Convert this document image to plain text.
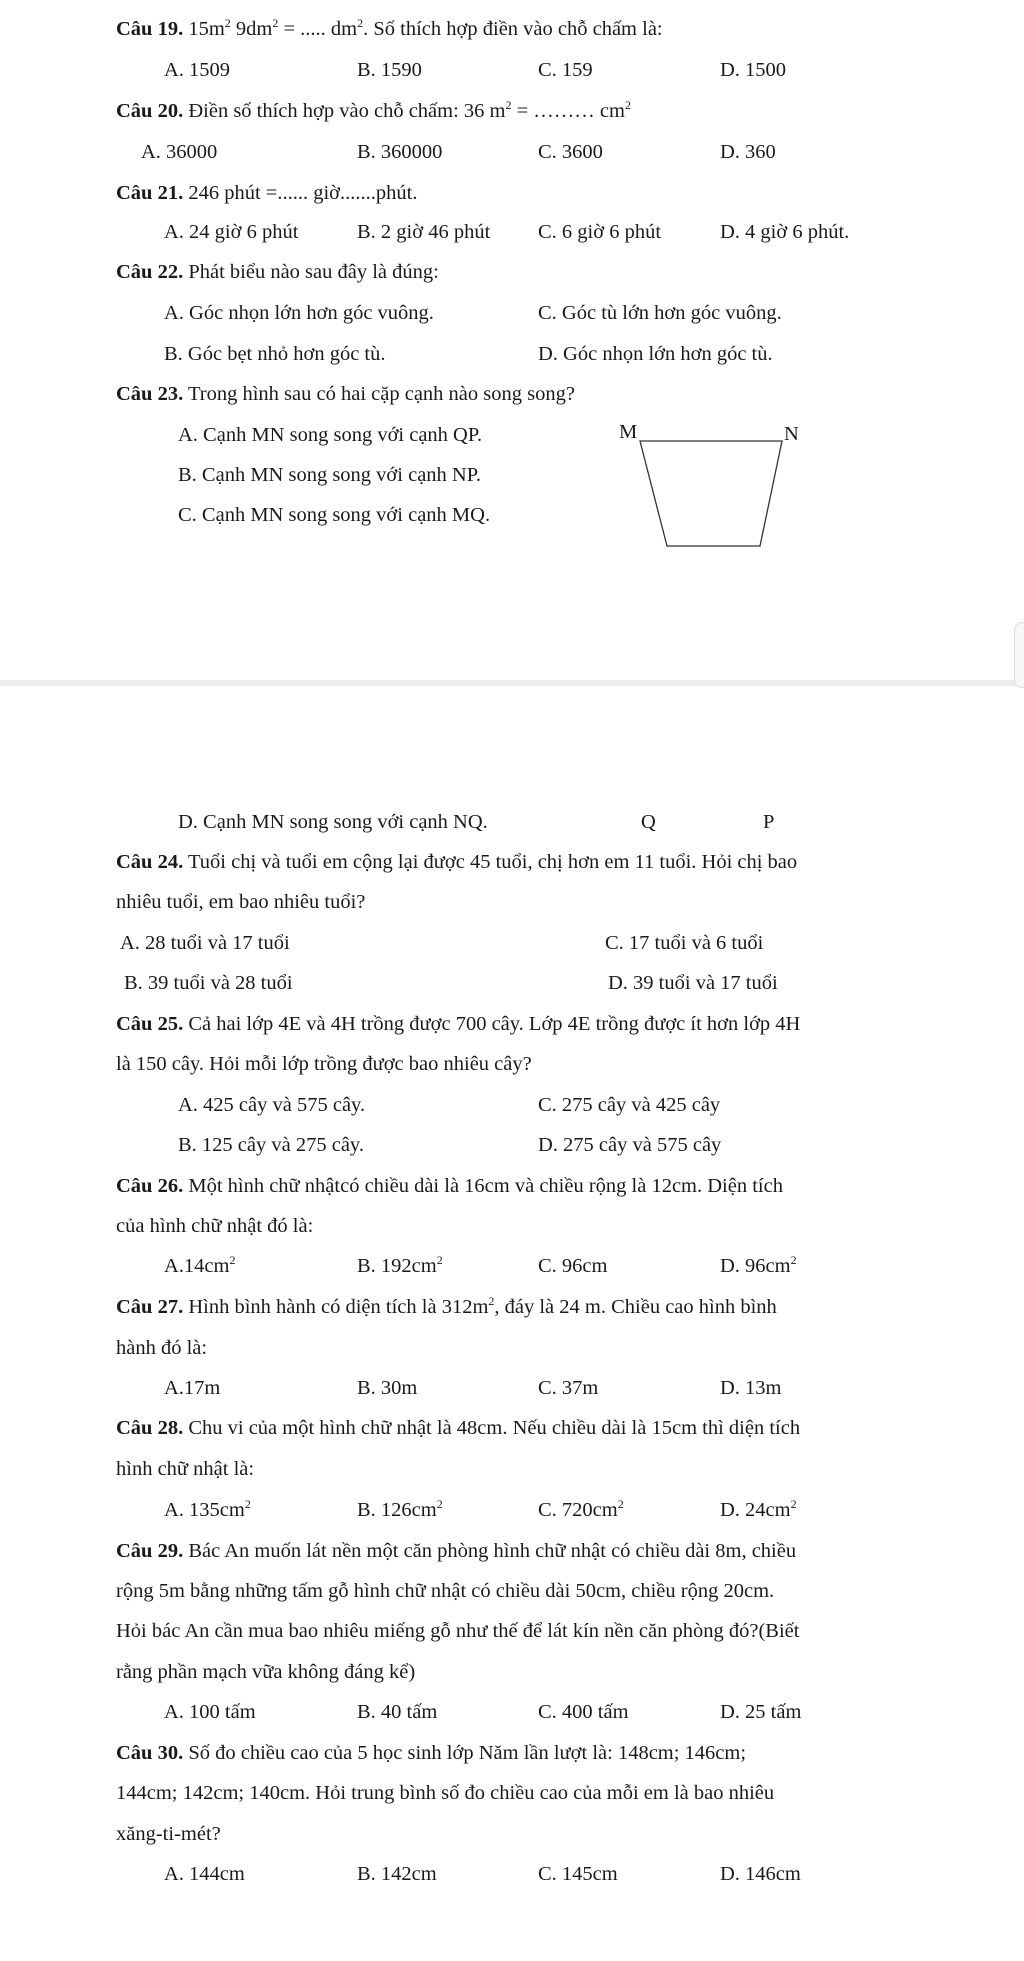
Câu 19. $15m^2$ $9dm^2$ = ..... $dm^2$. Số thích hợp điền vào chỗ chấm là:
A. 1509	B. 1590	C. 159	D. 1500
Câu 20. Điền số thích hợp vào chỗ chấm: 36 $m^2$ = ……… $cm^2$
A. 36000	B. 360000	C. 3600	D. 360
Câu 21. 246 phút =...... giờ.......phút.
A. 24 giờ 6 phút	B. 2 giờ 46 phút C. 6 giờ 6 phút	D. 4 giờ 6 phút.
Câu 22. Phát biểu nào sau đây là đúng:
A. Góc nhọn lớn hơn góc vuông.	C. Góc tù lớn hơn góc vuông.
B. Góc bẹt nhỏ hơn góc tù.	D. Góc nhọn lớn hơn góc tù.
Câu 23. Trong hình sau có hai cặp cạnh nào song song?
A. Cạnh MN song song với cạnh QP.
B. Cạnh MN song song với cạnh NP.
C. Cạnh MN song song với cạnh MQ.
M	N
D. Cạnh MN song song với cạnh NQ.	Q	P
Câu 24. Tuổi chị và tuổi em cộng lại được 45 tuổi, chị hơn em 11 tuổi. Hỏi chị bao
nhiêu tuổi, em bao nhiêu tuổi?
A. 28 tuổi và 17 tuổi	C. 17 tuổi và 6 tuổi
B. 39 tuổi và 28 tuổi	D. 39 tuổi và 17 tuổi
Câu 25. Cả hai lớp 4E và 4H trồng được 700 cây. Lớp 4E trồng được ít hơn lớp 4H
là 150 cây. Hỏi mỗi lớp trồng được bao nhiêu cây?
A. 425 cây và 575 cây.	C. 275 cây và 425 cây
B. 125 cây và 275 cây.	D. 275 cây và 575 cây
Câu 26. Một hình chữ nhậtcó chiều dài là 16cm và chiều rộng là 12cm. Diện tích
của hình chữ nhật đó là:
$A.14cm^2$	B. $192cm^2$	C. 96cm	D. $96cm^2$
Câu 27. Hình bình hành có diện tích là $312m^2$, đáy là 24 m. Chiều cao hình bình
hành đó là:
A.17m	B. 30m	C. 37m	D. 13m
Câu 28. Chu vi của một hình chữ nhật là 48cm. Nếu chiều dài là 15cm thì diện tích
hình chữ nhật là:
A. $135cm^2$	B. $126cm^2$	C. $720cm^2$	D. $24cm^2$
Câu 29. Bác An muốn lát nền một căn phòng hình chữ nhật có chiều dài 8m, chiều
rộng 5m bằng những tấm gỗ hình chữ nhật có chiều dài 50cm, chiều rộng 20cm.
Hỏi bác An cần mua bao nhiêu miếng gỗ như thế để lát kín nền căn phòng đó?(Biết
rằng phần mạch vữa không đáng kể)
A. 100 tấm	B. 40 tấm	C. 400 tấm	D. 25 tấm
Câu 30. Số đo chiều cao của 5 học sinh lớp Năm lần lượt là: 148cm; 146cm;
144cm; 142cm; 140cm. Hỏi trung bình số đo chiều cao của mỗi em là bao nhiêu
xăng-ti-mét?
A. 144cm	B. 142cm	C. 145cm	D. 146cm
